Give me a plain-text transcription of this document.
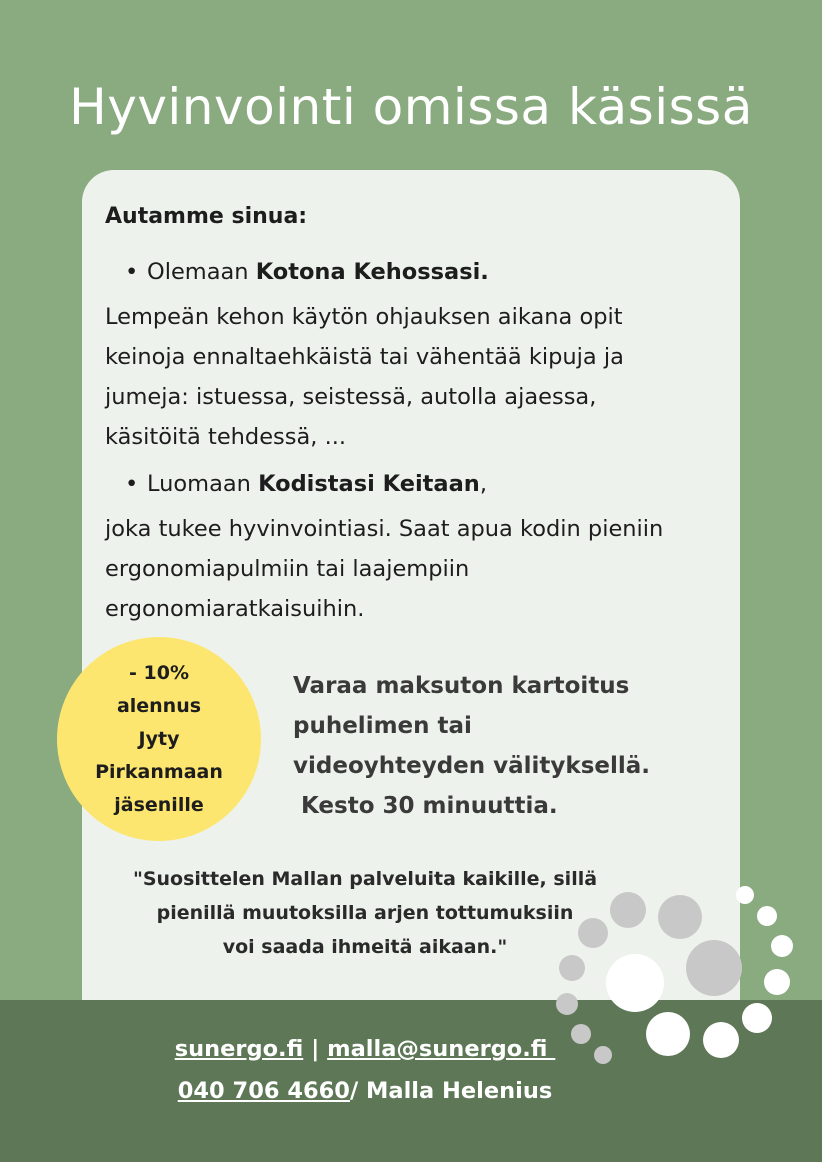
Hyvinvointi omissa käsissä

Autamme sinua:

• Olemaan Kotona Kehossasi.

Lempeän kehon käytön ohjauksen aikana opit
keinoja ennaltaehkäistä tai vähentää kipuja ja
jumeja: istuessa, seistessä, autolla ajaessa,
käsitöitä tehdessä, ...

• Luomaan Kodistasi Keitaan,

joka tukee hyvinvointiasi. Saat apua kodin pieniin
ergonomiapulmiin tai laajempiin
ergonomiaratkaisuihin.
- 10%
alennus
Jyty
Pirkanmaan
jäsenille
Varaa maksuton kartoitus
puhelimen tai
videoyhteyden välityksellä.
Kesto 30 minuuttia.
"Suosittelen Mallan palveluita kaikille, sillä
pienillä muutoksilla arjen tottumuksiin
voi saada ihmeitä aikaan."
sunergo.fi | malla@sunergo.fi
040 706 4660/ Malla Helenius
